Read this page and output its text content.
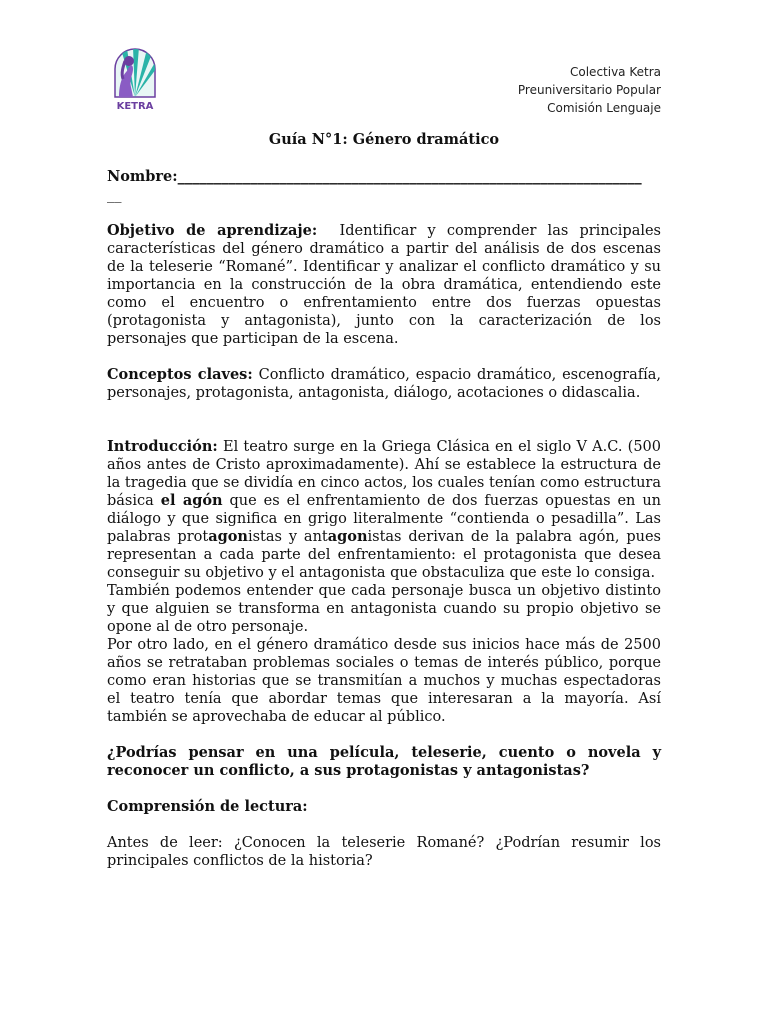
KETRA
Colectiva Ketra
Preuniversitario Popular
Comisión Lenguaje

Guía N°1: Género dramático

Nombre:________________________________________________________________

__

Objetivo de aprendizaje: Identificar y comprender las principales características del género dramático a partir del análisis de dos escenas de la teleserie “Romané”. Identificar y analizar el conflicto dramático y su importancia en la construcción de la obra dramática, entendiendo este como el encuentro o enfrentamiento entre dos fuerzas opuestas (protagonista y antagonista), junto con la caracterización de los personajes que participan de la escena.

Conceptos claves: Conflicto dramático, espacio dramático, escenografía, personajes, protagonista, antagonista, diálogo, acotaciones o didascalia.

Introducción: El teatro surge en la Griega Clásica en el siglo V A.C. (500 años antes de Cristo aproximadamente). Ahí se establece la estructura de la tragedia que se dividía en cinco actos, los cuales tenían como estructura básica el agón que es el enfrentamiento de dos fuerzas opuestas en un diálogo y que significa en grigo literalmente “contienda o pesadilla”. Las palabras protagonistas y antagonistas derivan de la palabra agón, pues representan a cada parte del enfrentamiento: el protagonista que desea conseguir su objetivo y el antagonista que obstaculiza que este lo consiga.

También podemos entender que cada personaje busca un objetivo distinto y que alguien se transforma en antagonista cuando su propio objetivo se opone al de otro personaje.

Por otro lado, en el género dramático desde sus inicios hace más de 2500 años se retrataban problemas sociales o temas de interés público, porque como eran historias que se transmitían a muchos y muchas espectadoras el teatro tenía que abordar temas que interesaran a la mayoría. Así también se aprovechaba de educar al público.

¿Podrías pensar en una película, teleserie, cuento o novela y reconocer un conflicto, a sus protagonistas y antagonistas?

Comprensión de lectura:

Antes de leer: ¿Conocen la teleserie Romané? ¿Podrían resumir los principales conflictos de la historia?
